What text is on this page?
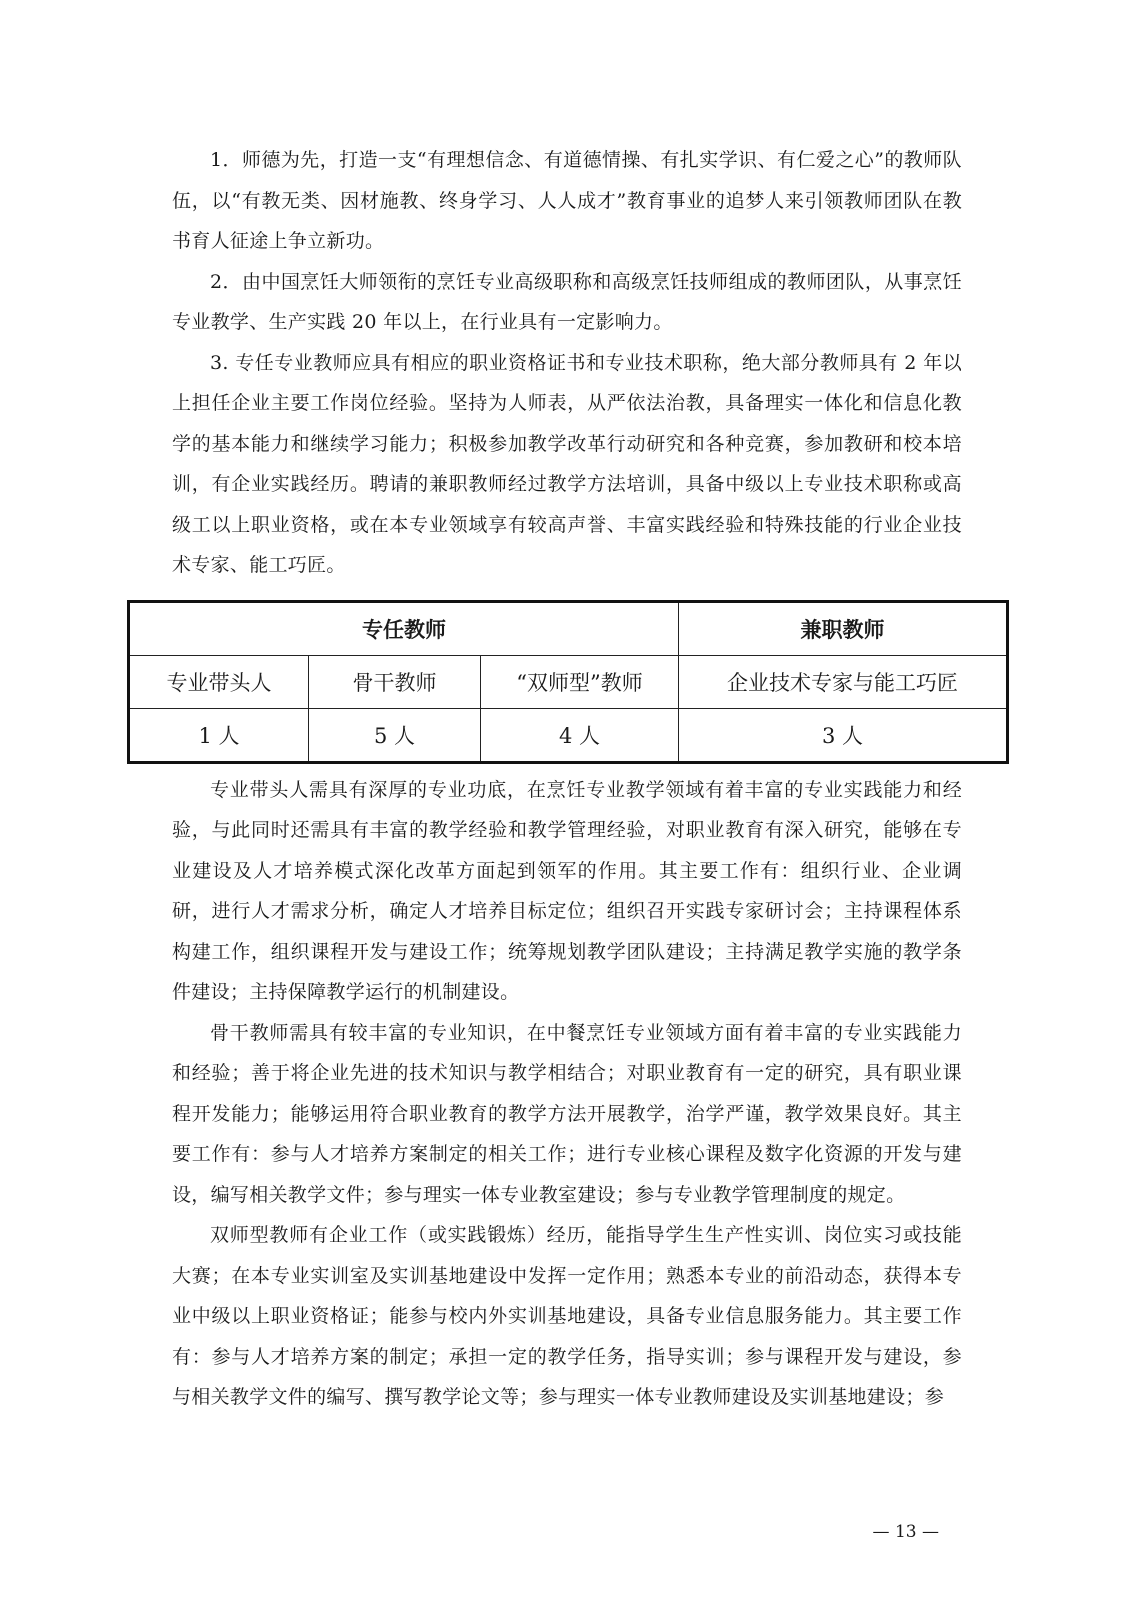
1．师德为先，打造一支“有理想信念、有道德情操、有扎实学识、有仁爱之心”的教师队伍，以“有教无类、因材施教、终身学习、人人成才”教育事业的追梦人来引领教师团队在教书育人征途上争立新功。

2．由中国烹饪大师领衔的烹饪专业高级职称和高级烹饪技师组成的教师团队，从事烹饪专业教学、生产实践 20 年以上，在行业具有一定影响力。

3. 专任专业教师应具有相应的职业资格证书和专业技术职称，绝大部分教师具有 2 年以上担任企业主要工作岗位经验。坚持为人师表，从严依法治教，具备理实一体化和信息化教学的基本能力和继续学习能力；积极参加教学改革行动研究和各种竞赛，参加教研和校本培训，有企业实践经历。聘请的兼职教师经过教学方法培训，具备中级以上专业技术职称或高级工以上职业资格，或在本专业领域享有较高声誉、丰富实践经验和特殊技能的行业企业技术专家、能工巧匠。

专任教师			兼职教师
专业带头人	骨干教师	“双师型”教师	企业技术专家与能工巧匠
1 人	5 人	4 人	3 人

专业带头人需具有深厚的专业功底，在烹饪专业教学领域有着丰富的专业实践能力和经验，与此同时还需具有丰富的教学经验和教学管理经验，对职业教育有深入研究，能够在专业建设及人才培养模式深化改革方面起到领军的作用。其主要工作有：组织行业、企业调研，进行人才需求分析，确定人才培养目标定位；组织召开实践专家研讨会；主持课程体系构建工作，组织课程开发与建设工作；统筹规划教学团队建设；主持满足教学实施的教学条件建设；主持保障教学运行的机制建设。

骨干教师需具有较丰富的专业知识，在中餐烹饪专业领域方面有着丰富的专业实践能力和经验；善于将企业先进的技术知识与教学相结合；对职业教育有一定的研究，具有职业课程开发能力；能够运用符合职业教育的教学方法开展教学，治学严谨，教学效果良好。其主要工作有：参与人才培养方案制定的相关工作；进行专业核心课程及数字化资源的开发与建设，编写相关教学文件；参与理实一体专业教室建设；参与专业教学管理制度的规定。

双师型教师有企业工作（或实践锻炼）经历，能指导学生生产性实训、岗位实习或技能大赛；在本专业实训室及实训基地建设中发挥一定作用；熟悉本专业的前沿动态，获得本专业中级以上职业资格证；能参与校内外实训基地建设，具备专业信息服务能力。其主要工作有：参与人才培养方案的制定；承担一定的教学任务，指导实训；参与课程开发与建设，参与相关教学文件的编写、撰写教学论文等；参与理实一体专业教师建设及实训基地建设；参

— 13 —
